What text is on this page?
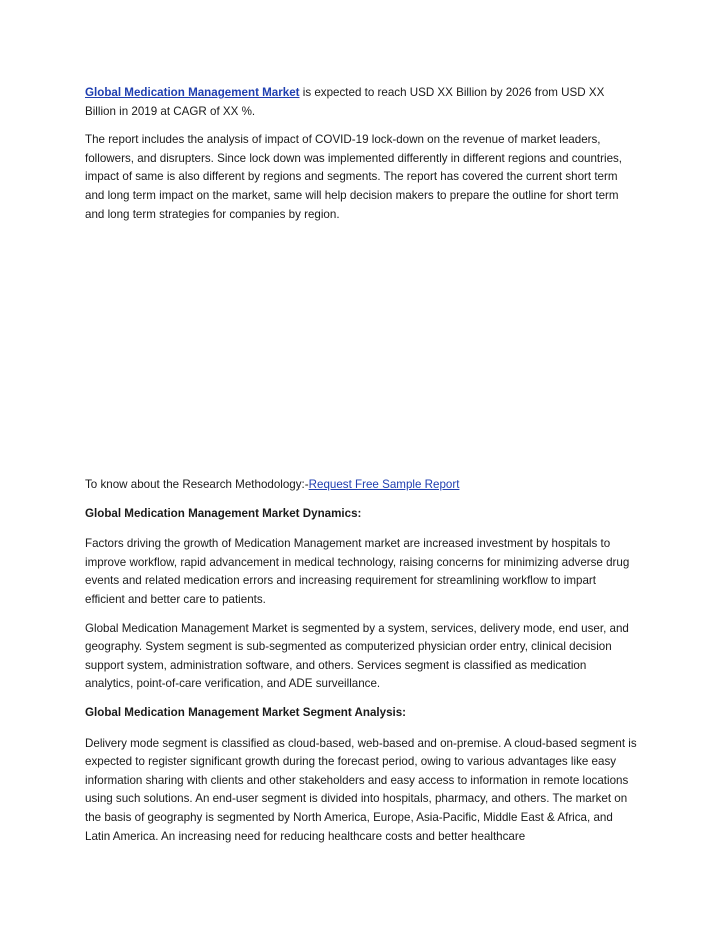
Global Medication Management Market is expected to reach USD XX Billion by 2026 from USD XX Billion in 2019 at CAGR of XX %.

The report includes the analysis of impact of COVID-19 lock-down on the revenue of market leaders, followers, and disrupters. Since lock down was implemented differently in different regions and countries, impact of same is also different by regions and segments. The report has covered the current short term and long term impact on the market, same will help decision makers to prepare the outline for short term and long term strategies for companies by region.

To know about the Research Methodology:-Request Free Sample Report

Global Medication Management Market Dynamics:

Factors driving the growth of Medication Management market are increased investment by hospitals to improve workflow, rapid advancement in medical technology, raising concerns for minimizing adverse drug events and related medication errors and increasing requirement for streamlining workflow to impart efficient and better care to patients.

Global Medication Management Market is segmented by a system, services, delivery mode, end user, and geography. System segment is sub-segmented as computerized physician order entry, clinical decision support system, administration software, and others. Services segment is classified as medication analytics, point-of-care verification, and ADE surveillance.

Global Medication Management Market Segment Analysis:

Delivery mode segment is classified as cloud-based, web-based and on-premise. A cloud-based segment is expected to register significant growth during the forecast period, owing to various advantages like easy information sharing with clients and other stakeholders and easy access to information in remote locations using such solutions. An end-user segment is divided into hospitals, pharmacy, and others. The market on the basis of geography is segmented by North America, Europe, Asia-Pacific, Middle East & Africa, and Latin America. An increasing need for reducing healthcare costs and better healthcare
